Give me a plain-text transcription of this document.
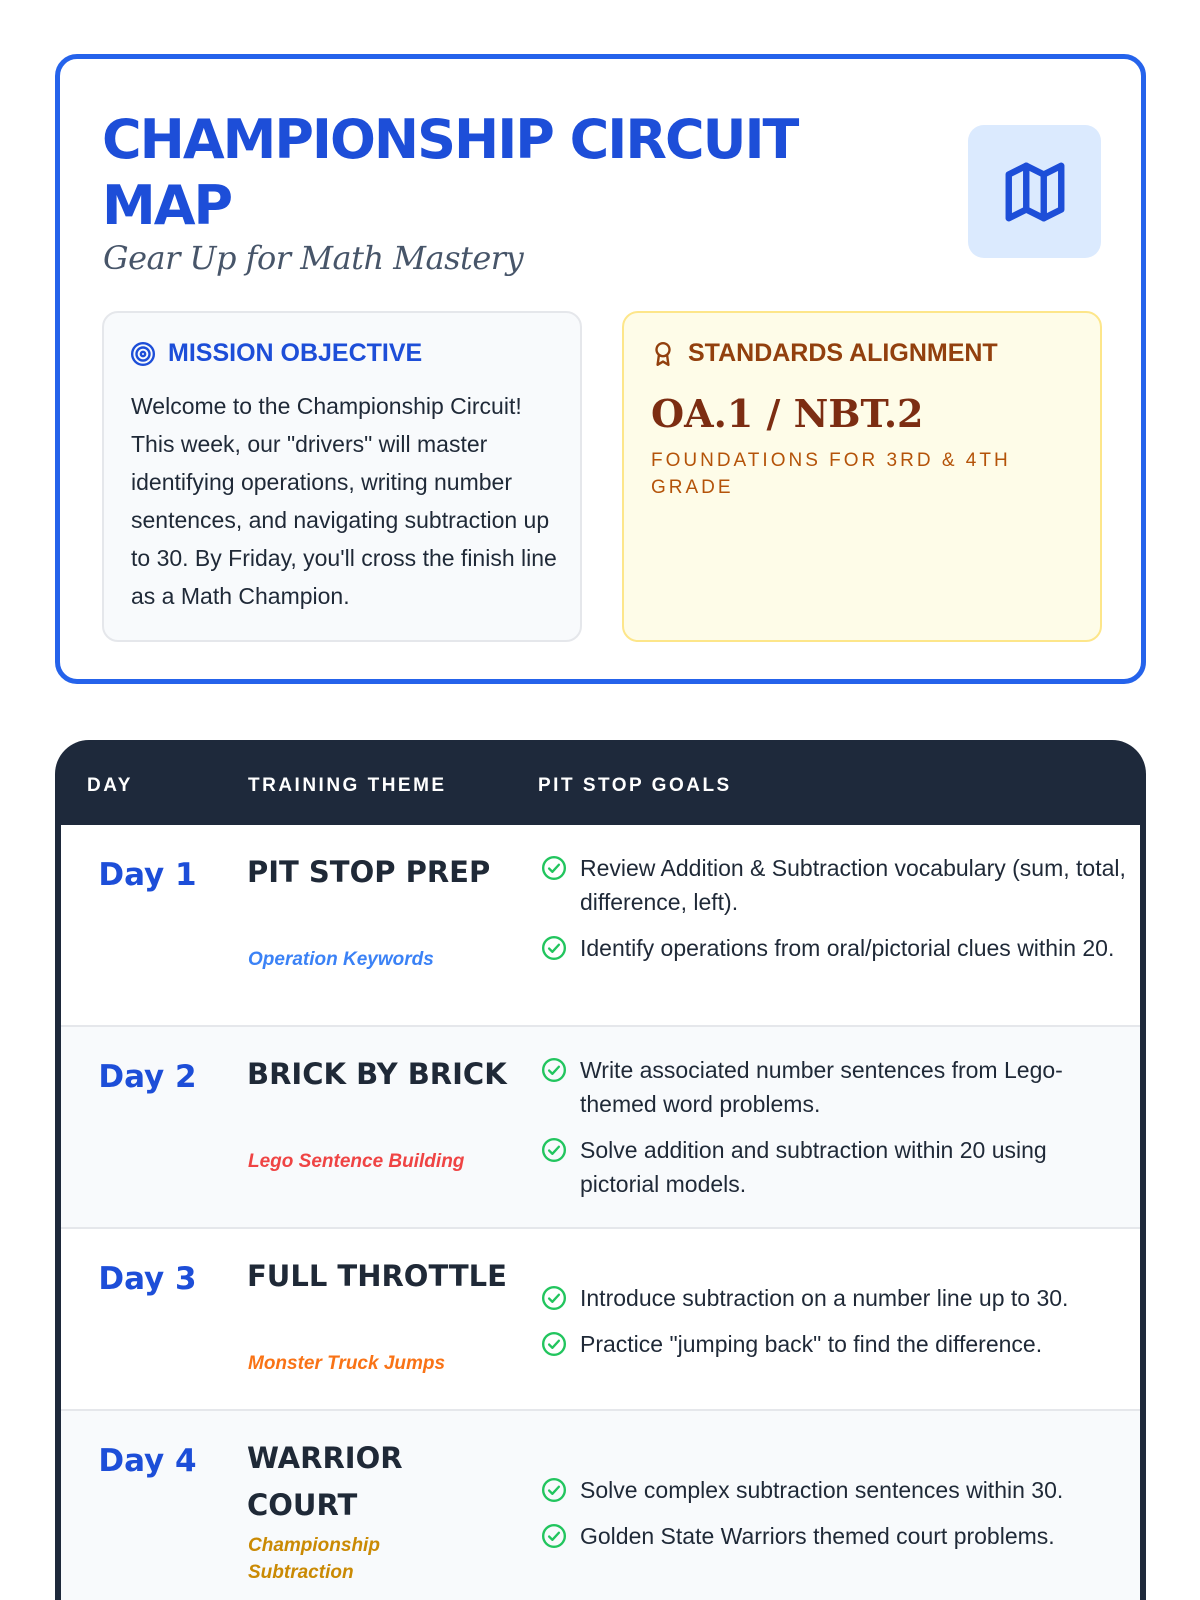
CHAMPIONSHIP CIRCUIT MAP
Gear Up for Math Mastery
MISSION OBJECTIVE

Welcome to the Championship Circuit! This week, our "drivers" will master identifying operations, writing number sentences, and navigating subtraction up to 30. By Friday, you'll cross the finish line as a Math Champion.

STANDARDS ALIGNMENT
OA.1 / NBT.2
FOUNDATIONS FOR 3RD & 4TH GRADE
DAY	TRAINING THEME	PIT STOP GOALS
Day 1	PIT STOP PREP
Operation Keywords
Review Addition & Subtraction vocabulary (sum, total, difference, left).
Identify operations from oral/pictorial clues within 20.
Day 2	BRICK BY BRICK
Lego Sentence Building
Write associated number sentences from Lego-themed word problems.
Solve addition and subtraction within 20 using pictorial models.
Day 3	FULL THROTTLE
Monster Truck Jumps
Introduce subtraction on a number line up to 30.
Practice "jumping back" to find the difference.
Day 4	WARRIOR COURT
Championship Subtraction
Solve complex subtraction sentences within 30.
Golden State Warriors themed court problems.
